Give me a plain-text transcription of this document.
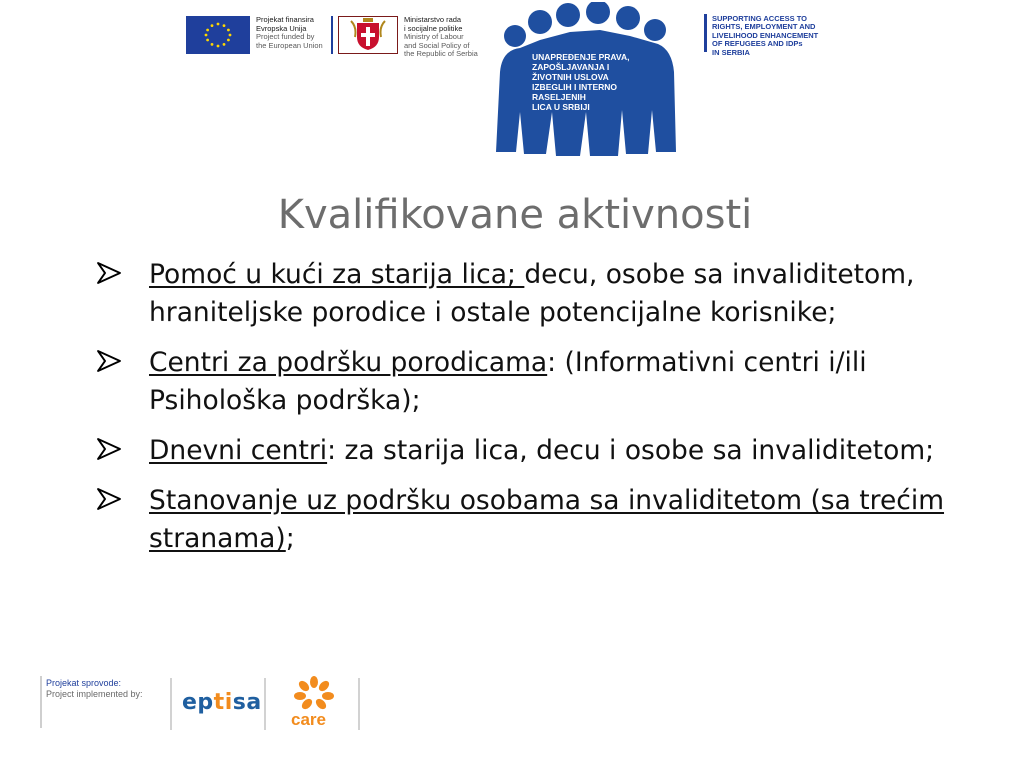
Projekat finansira
Evropska Unija
Project funded by
the European Union
Ministarstvo rada
i socijalne politike
Ministry of Labour
and Social Policy of
the Republic of Serbia	UNAPREĐENJE PRAVA,
ZAPOŠLJAVANJA I
ŽIVOTNIH USLOVA
IZBEGLIH I INTERNO
RASELJENIH
LICA U SRBIJI
SUPPORTING ACCESS TO
RIGHTS, EMPLOYMENT AND
LIVELIHOOD ENHANCEMENT
OF REFUGEES AND IDPs
IN SERBIA
Kvalifikovane aktivnosti
Pomoć u kući za starija lica; decu, osobe sa invaliditetom, hraniteljske porodice i ostale potencijalne korisnike;
Centri za podršku porodicama: (Informativni centri i/ili Psihološka podrška);
Dnevni centri: za starija lica, decu i osobe sa invaliditetom;
Stanovanje uz podršku osobama sa invaliditetom (sa trećim stranama);
Projekat sprovode:
Project implemented by: eptisa
care
